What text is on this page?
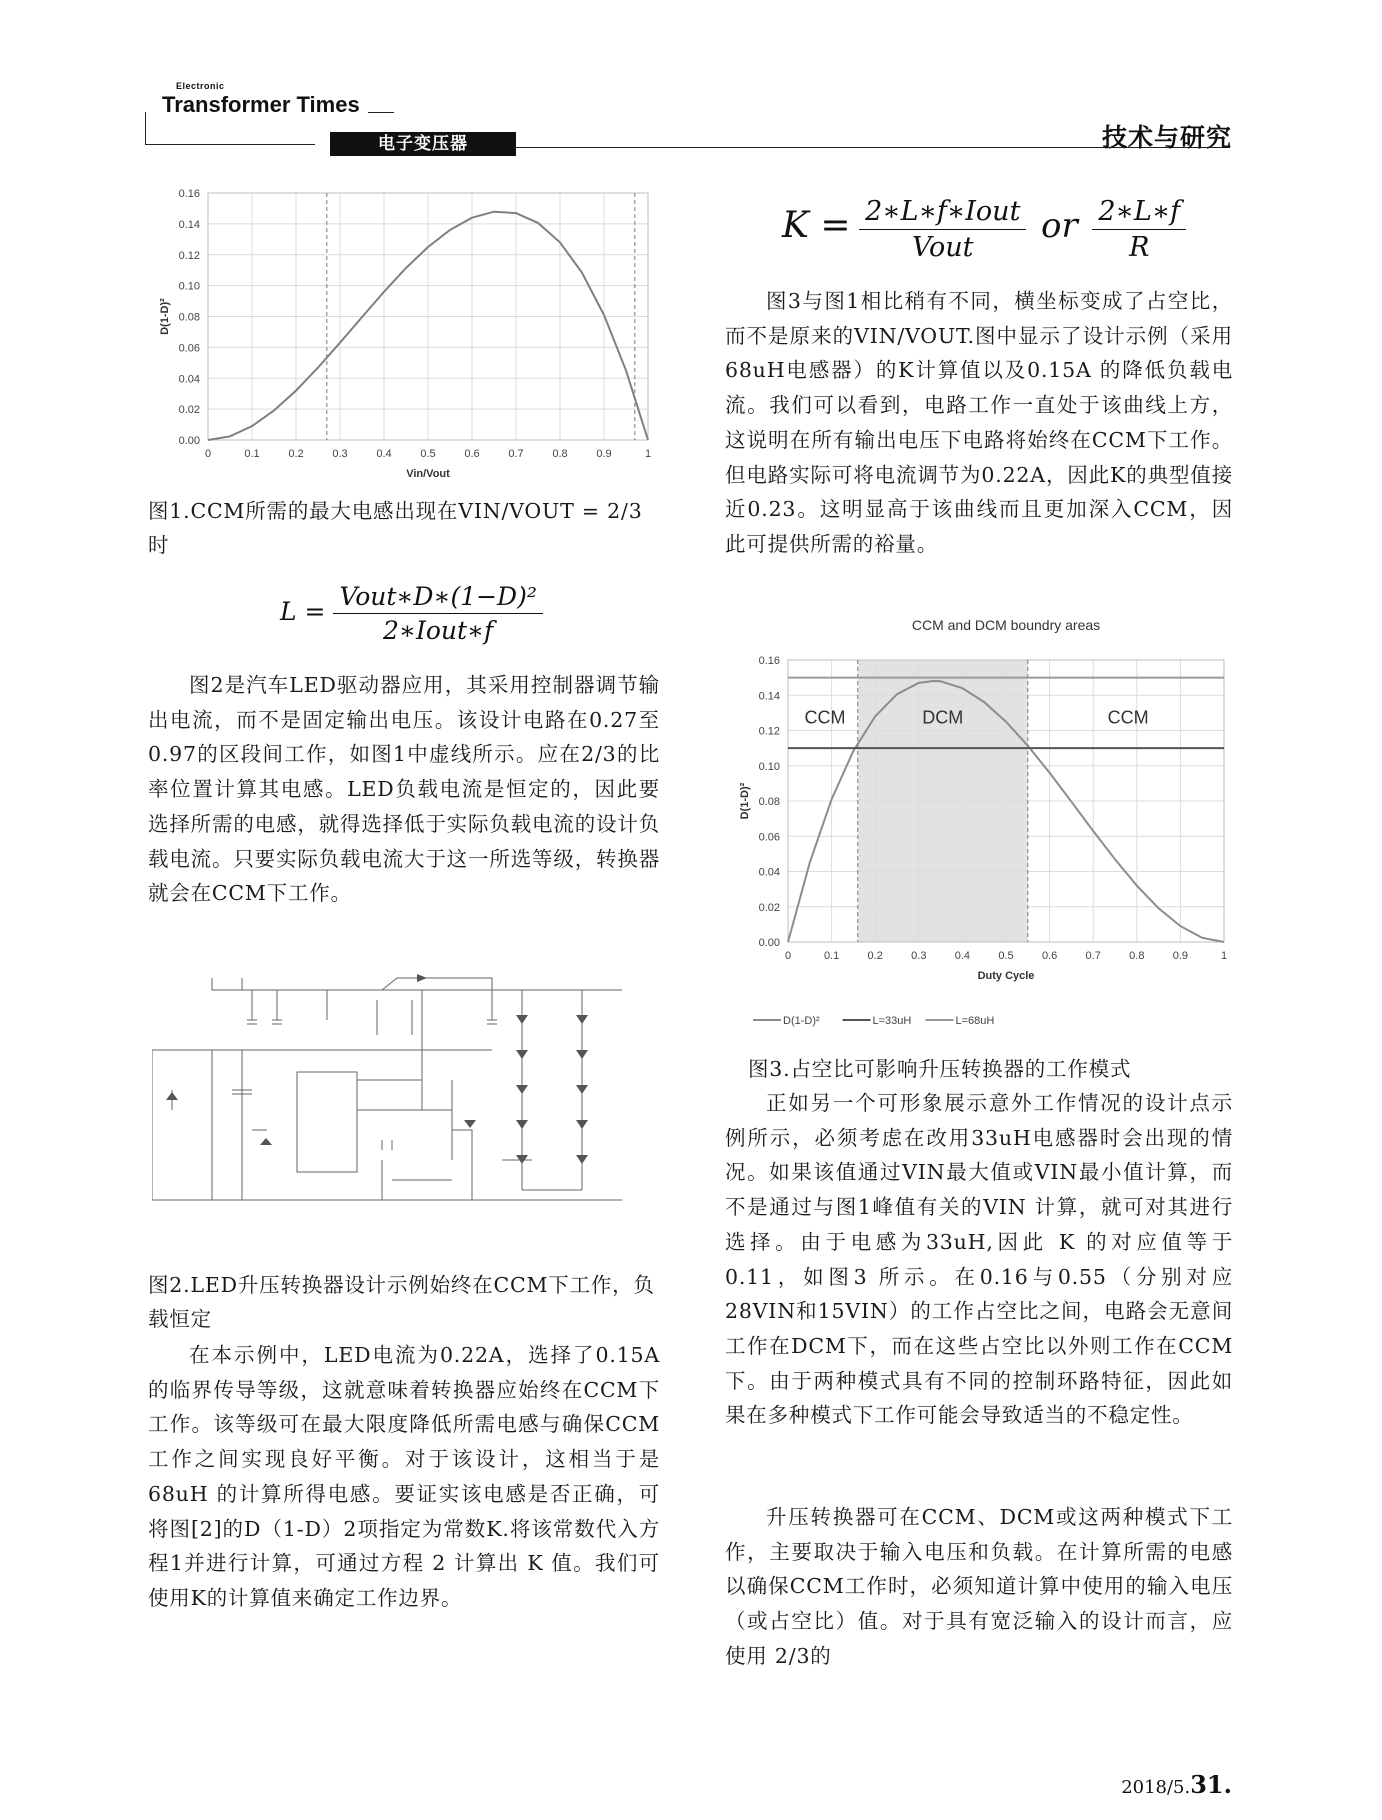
Electronic
Transformer Times
电子变压器	技术与研究
0	0.1	0.2	0.3	0.4	0.5	0.6	0.7	0.8	0.9	1
0.00
0.02
0.04
0.06
0.08
0.10
0.12
0.14
0.16
Vin/Vout
D(1-D)²
图1.CCM所需的最大电感出现在VIN/VOUT = 2/3时
$L = \frac{\text{Vout∗D∗(1−D)²}}{\text{2∗Iout∗f}}$

图2是汽车LED驱动器应用，其采用控制器调节输出电流，而不是固定输出电压。该设计电路在0.27至0.97的区段间工作，如图1中虚线所示。应在2/3的比率位置计算其电感。LED负载电流是恒定的，因此要选择所需的电感，就得选择低于实际负载电流的设计负载电流。只要实际负载电流大于这一所选等级，转换器就会在CCM下工作。

图2.LED升压转换器设计示例始终在CCM下工作，负载恒定

在本示例中，LED电流为0.22A，选择了0.15A的临界传导等级，这就意味着转换器应始终在CCM下工作。该等级可在最大限度降低所需电感与确保CCM工作之间实现良好平衡。对于该设计，这相当于是68uH 的计算所得电感。要证实该电感是否正确，可将图[2]的D（1-D）2项指定为常数K.将该常数代入方程1并进行计算，可通过方程 2 计算出 K 值。我们可使用K的计算值来确定工作边界。

$K = \frac{\text{2∗L∗f∗Iout}}{\text{Vout}}$ or $\frac{2∗L∗f}{R}$

图3与图1相比稍有不同，横坐标变成了占空比，而不是原来的VIN/VOUT.图中显示了设计示例（采用68uH电感器）的K计算值以及0.15A 的降低负载电流。我们可以看到，电路工作一直处于该曲线上方，这说明在所有输出电压下电路将始终在CCM下工作。但电路实际可将电流调节为0.22A，因此K的典型值接近0.23。这明显高于该曲线而且更加深入CCM，因此可提供所需的裕量。

0	0.1	0.2	0.3	0.4	0.5	0.6	0.7	0.8	0.9	1
0.00
0.02
0.04
0.06
0.08
0.10
0.12
0.14
0.16
CCM	DCM	CCM
CCM and DCM boundry areas
Duty Cycle
D(1-D)²
D(1-D)²	L=33uH	L=68uH
图3.占空比可影响升压转换器的工作模式

正如另一个可形象展示意外工作情况的设计点示例所示，必须考虑在改用33uH电感器时会出现的情况。如果该值通过VIN最大值或VIN最小值计算，而不是通过与图1峰值有关的VIN 计算，就可对其进行选择。由于电感为33uH,因此 K 的对应值等于 0.11，如图3 所示。在0.16与0.55（分别对应28VIN和15VIN）的工作占空比之间，电路会无意间工作在DCM下，而在这些占空比以外则工作在CCM下。由于两种模式具有不同的控制环路特征，因此如果在多种模式下工作可能会导致适当的不稳定性。

升压转换器可在CCM、DCM或这两种模式下工作，主要取决于输入电压和负载。在计算所需的电感以确保CCM工作时，必须知道计算中使用的输入电压（或占空比）值。对于具有宽泛输入的设计而言，应使用 2/3的

2018/5.31.
